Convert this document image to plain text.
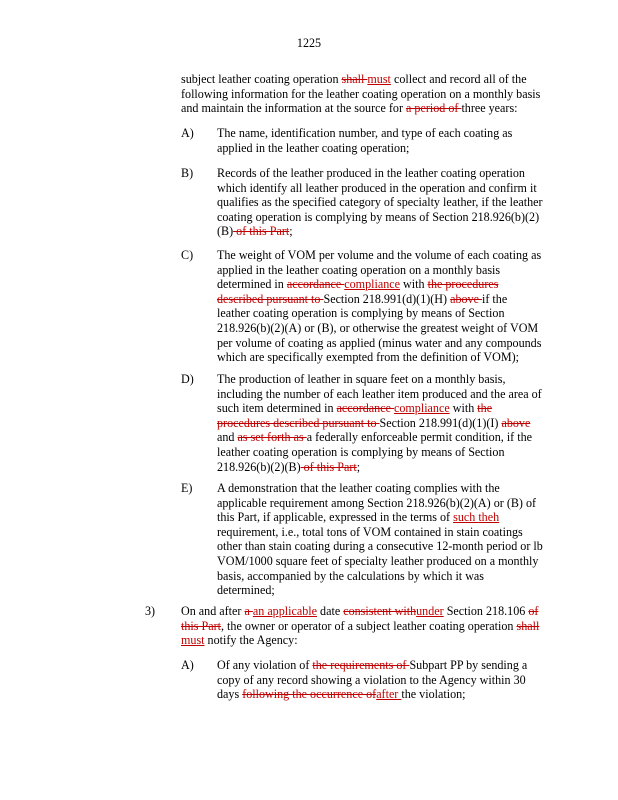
1225
subject leather coating operation shall must collect and record all of the following information for the leather coating operation on a monthly basis and maintain the information at the source for a period of three years:
A) The name, identification number, and type of each coating as applied in the leather coating operation;
B) Records of the leather produced in the leather coating operation which identify all leather produced in the operation and confirm it qualifies as the specified category of specialty leather, if the leather coating operation is complying by means of Section 218.926(b)(2)(B) of this Part;
C) The weight of VOM per volume and the volume of each coating as applied in the leather coating operation on a monthly basis determined in accordance compliance with the procedures described pursuant to Section 218.991(d)(1)(H) above if the leather coating operation is complying by means of Section 218.926(b)(2)(A) or (B), or otherwise the greatest weight of VOM per volume of coating as applied (minus water and any compounds which are specifically exempted from the definition of VOM);
D) The production of leather in square feet on a monthly basis, including the number of each leather item produced and the area of such item determined in accordance compliance with the procedures described pursuant to Section 218.991(d)(1)(I) above and as set forth as a federally enforceable permit condition, if the leather coating operation is complying by means of Section 218.926(b)(2)(B) of this Part;
E) A demonstration that the leather coating complies with the applicable requirement among Section 218.926(b)(2)(A) or (B) of this Part, if applicable, expressed in the terms of such theh requirement, i.e., total tons of VOM contained in stain coatings other than stain coating during a consecutive 12-month period or lb VOM/1000 square feet of specialty leather produced on a monthly basis, accompanied by the calculations by which it was determined;
3) On and after a an applicable date consistent withunder Section 218.106 of this Part, the owner or operator of a subject leather coating operation shall must notify the Agency:
A) Of any violation of the requirements of Subpart PP by sending a copy of any record showing a violation to the Agency within 30 days following the occurrence ofafter the violation;
